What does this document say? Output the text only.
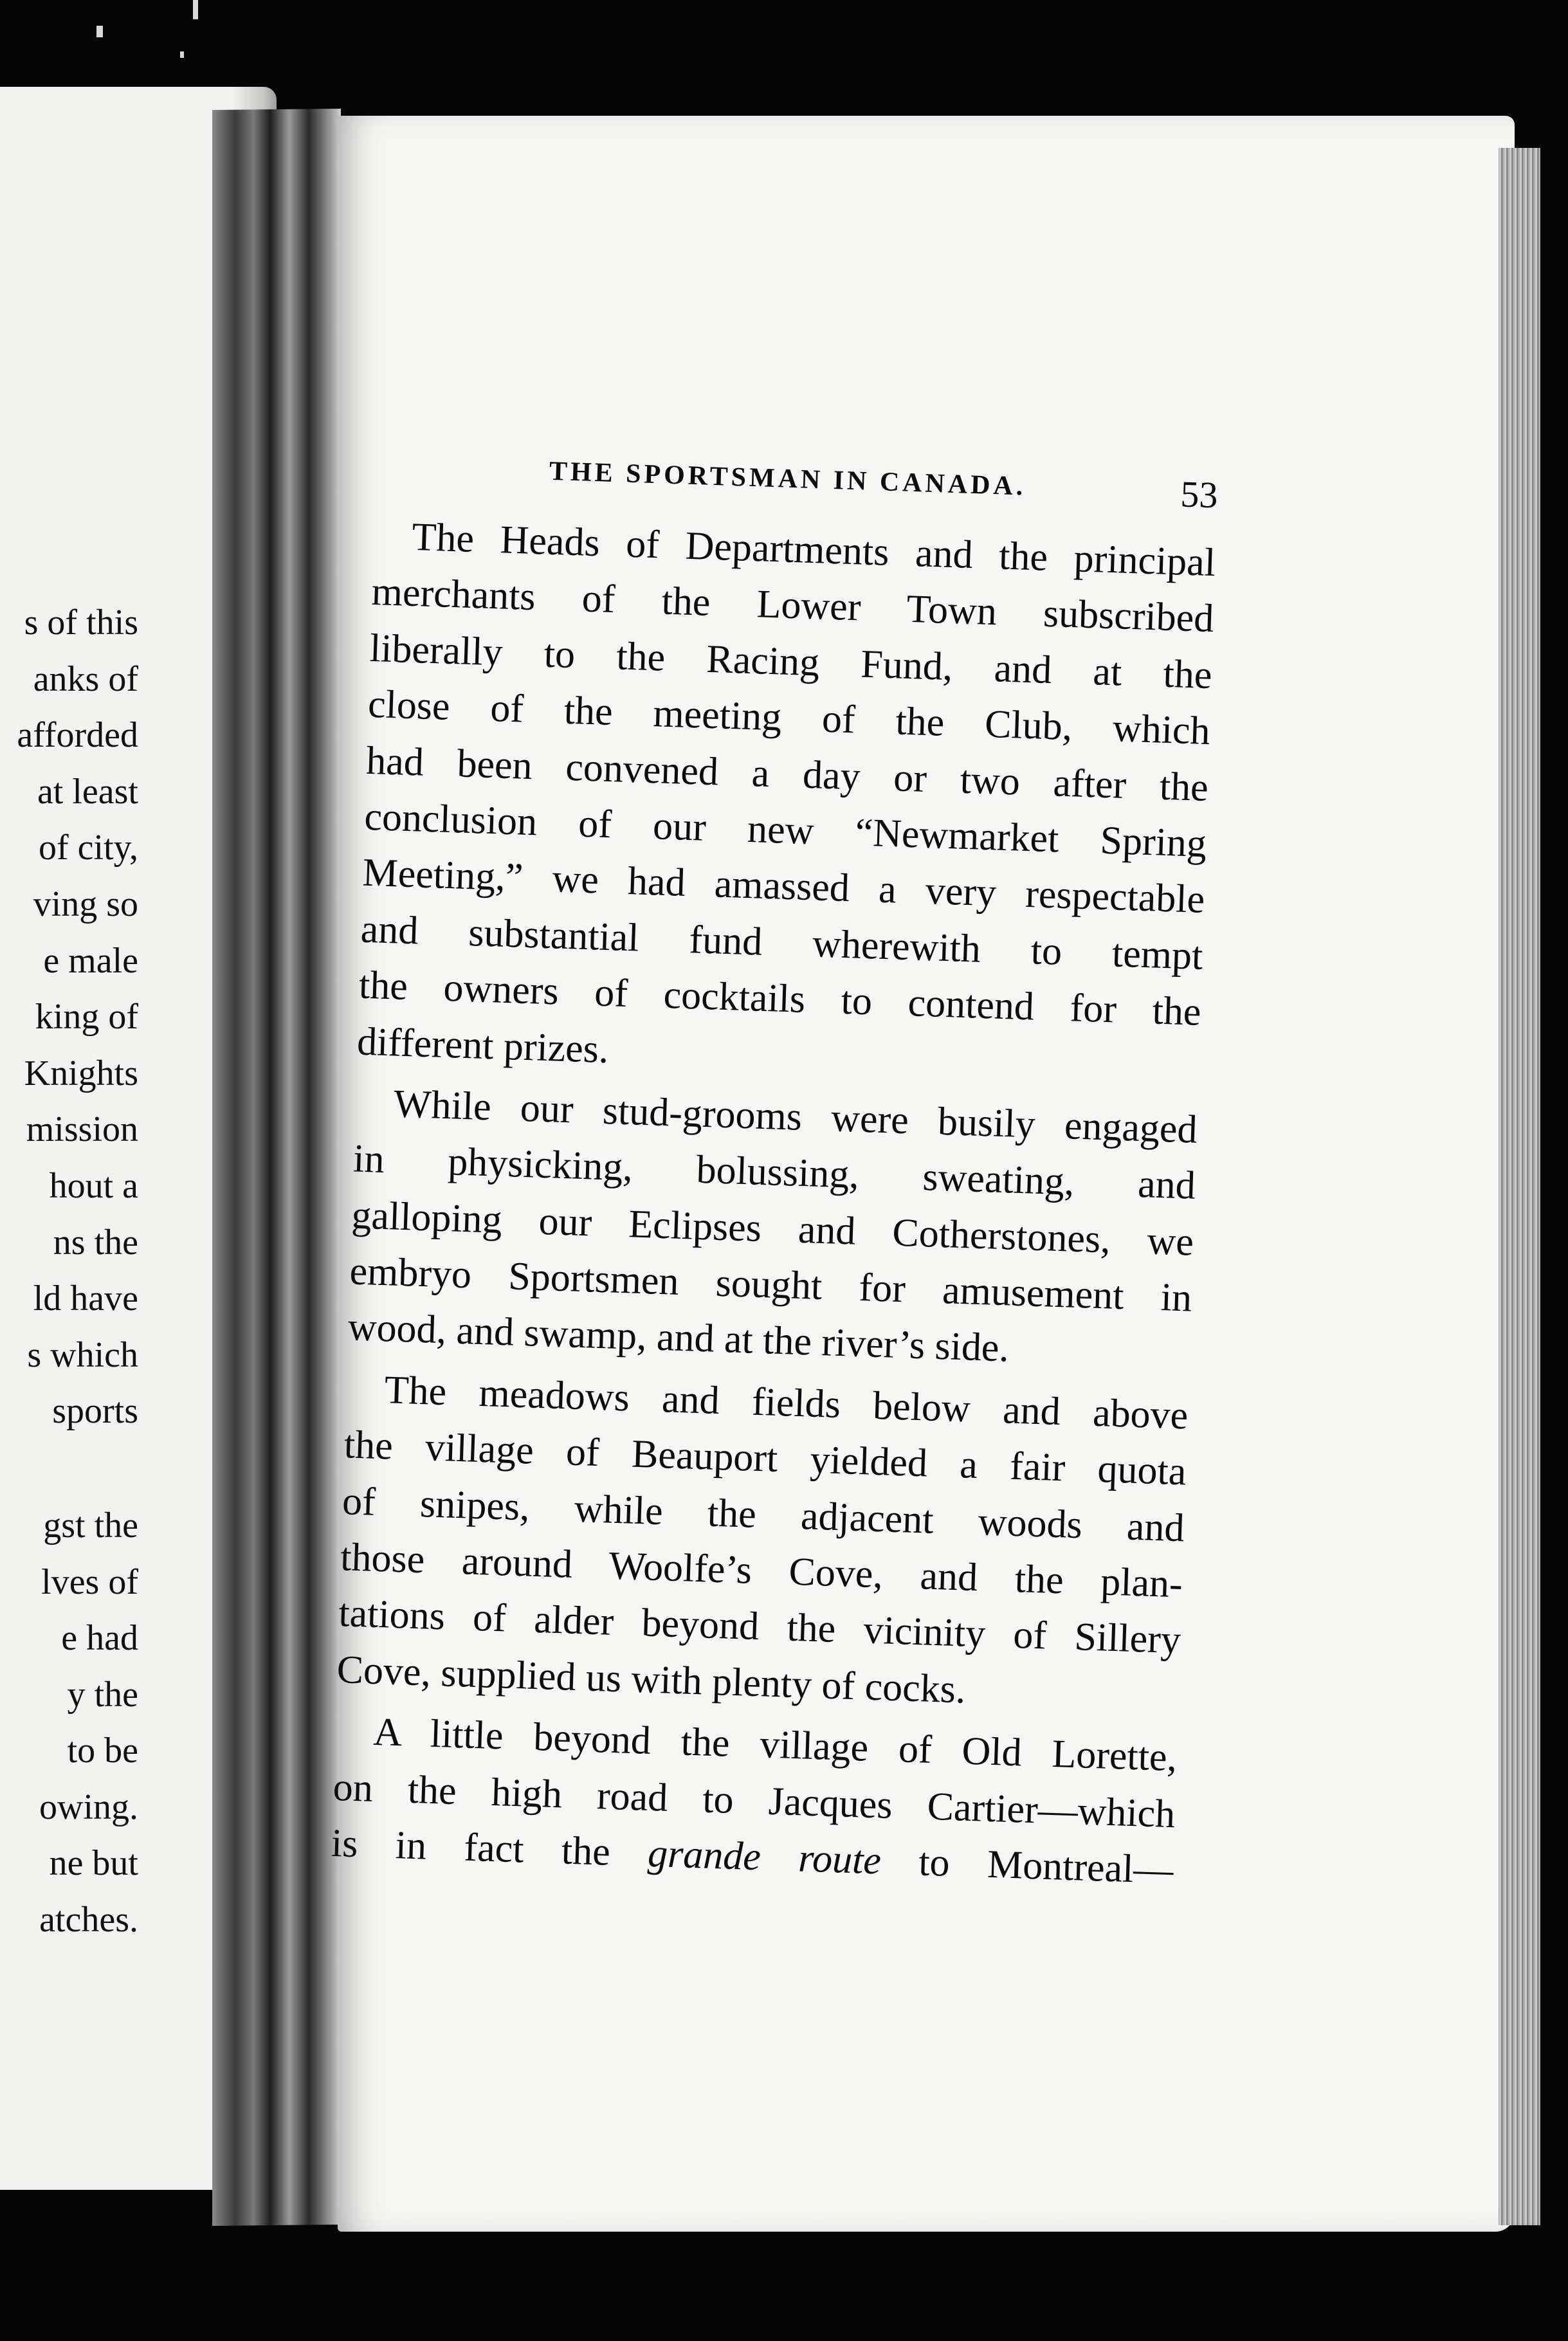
s of this
anks of
afforded
at least
of city,
ving so
e male
king of
Knights
mission
hout a
ns the
ld have
s which
sports
gst the
lves of
e had
y the
to be
owing.
ne but
atches.
THE SPORTSMAN IN CANADA.	53
The Heads of Departments and the principal
merchants of the Lower Town subscribed
liberally to the Racing Fund, and at the
close of the meeting of the Club, which
had been convened a day or two after the
conclusion of our new “Newmarket Spring
Meeting,” we had amassed a very respectable
and substantial fund wherewith to tempt
the owners of cocktails to contend for the
different prizes.
While our stud-grooms were busily engaged
in physicking, bolussing, sweating, and
galloping our Eclipses and Cotherstones, we
embryo Sportsmen sought for amusement in
wood, and swamp, and at the river’s side.
The meadows and fields below and above
the village of Beauport yielded a fair quota
of snipes, while the adjacent woods and
those around Woolfe’s Cove, and the plan-
tations of alder beyond the vicinity of Sillery
Cove, supplied us with plenty of cocks.
A little beyond the village of Old Lorette,
on the high road to Jacques Cartier—which
is in fact the grande route to Montreal—
